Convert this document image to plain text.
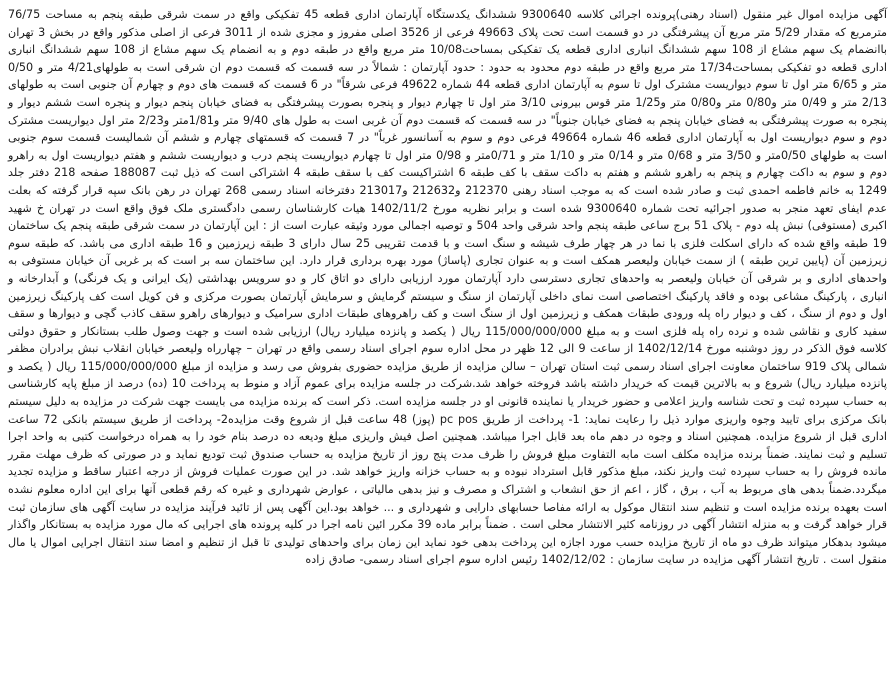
آگهی مزایده اموال غیر منقول (اسناد رهنی)پرونده اجرائی کلاسه 9300640 ششدانگ یکدستگاه آپارتمان اداری قطعه 45 تفکیکی واقع در سمت شرقی طبقه پنجم به مساحت 76/75 مترمربع که مقدار 5/29 متر مربع آن پیشرفتگی در دو قسمت است تحت پلاک 49663 فرعی از 3526 اصلی مفروز و مجزی شده از 3011 فرعی از اصلی مذکور واقع در بخش 3 تهران باانضمام یک سهم مشاع از 108 سهم ششدانگ انباری اداری قطعه یک تفکیکی بمساحت10/08 متر مربع واقع در طبقه دوم و به انضمام یک سهم مشاع از 108 سهم ششدانگ انباری اداری قطعه دو تفکیکی بمساحت17/34 متر مربع واقع در طبقه دوم محدود به حدود : حدود آپارتمان : شمالاً در سه قسمت که قسمت دوم ان شرقی است به طولهای4/21 متر و 0/50 متر و 6/65 متر اول تا سوم دیواریست مشترک اول تا سوم به آپارتمان اداری قطعه 44 شماره 49622 فرعی شرقاً" در 6 قسمت که قسمت های دوم و چهارم آن جنوبی است به طولهای 2/13 متر و 0/49 متر و0/80 متر و0/80 متر و1/25 متر قوس بیرونی 3/10 متر اول تا چهارم دیوار و پنجره بصورت پیشرفتگی به فضای خیابان پنجم دیوار و پنجره است ششم دیوار و پنجره به صورت پیشرفتگی به فضای خیابان پنجم به فضای خیابان جنوباً" در سه قسمت که قسمت دوم آن غربی است به طول های 9/40 متر و1/81متر و2/23 متر اول دیواریست مشترک دوم و سوم دیواریست اول به آپارتمان اداری قطعه 46 شماره 49664 فرعی دوم و سوم به آسانسور غرباً" در 7 قسمت که قسمتهای چهارم و ششم آن شمالیست قسمت سوم جنوبی است به طولهای 0/50متر و 3/50 متر و 0/68 متر و 0/14 متر و 1/10 متر و 0/71متر و 0/98 متر اول تا چهارم دیواریست پنجم درب و دیواریست ششم و هفتم دیواریست اول به راهرو دوم و سوم به داکت چهارم و پنجم به راهرو ششم و هفتم به داکت سقف با کف طبقه 6 اشتراکیست کف با سقف طبقه 4 اشتراکی است که ذیل ثبت 188087 صفحه 218 دفتر جلد 1249 به خانم فاطمه احمدی ثبت و صادر شده است که به موجب اسناد رهنی 212370 و212632 و213017 دفترخانه اسناد رسمی 268 تهران در رهن بانک سپه قرار گرفته که بعلت عدم ایفای تعهد منجر به صدور اجرائیه تحت شماره 9300640 شده است و برابر نظریه مورخ 1402/11/2 هیات کارشناسان رسمی دادگستری ملک فوق واقع است در تهران خ شهید اکبری (مستوفی) نبش پله دوم - پلاک 51 برج ساعی طبقه پنجم واحد شرقی واحد 504 و توصیه اجمالی مورد وثیقه عبارت است از : این آپارتمان در سمت شرقی طبقه پنجم یک ساختمان 19 طبقه واقع شده که دارای اسکلت فلزی با نما در هر چهار طرف شیشه و سنگ است و با قدمت تقریبی 25 سال دارای 3 طبقه زیرزمین و 16 طبقه اداری می باشد. که طبقه سوم زیرزمین آن (پایین ترین طبقه ) از سمت خیابان ولیعصر همکف است و به عنوان تجاری (پاساژ) مورد بهره برداری قرار دارد. این ساختمان سه بر است که بر غربی آن خیابان مستوفی به واحدهای اداری و بر شرقی آن خیابان ولیعصر به واحدهای تجاری دسترسی دارد آپارتمان مورد ارزیابی دارای دو اتاق کار و دو سرویس بهداشتی (یک ایرانی و یک فرنگی) و آبدارخانه و انباری ، پارکینگ مشاعی بوده و فاقد پارکینگ اختصاصی است نمای داخلی آپارتمان از سنگ و سیستم گرمایش و سرمایش آپارتمان بصورت مرکزی و فن کویل است کف پارکینگ زیرزمین اول و دوم از سنگ ، کف و دیوار راه پله ورودی طبقات همکف و زیرزمین اول از سنگ است و کف راهروهای طبقات اداری سرامیک و دیوارهای راهرو سقف کاذب گچی و دیوارها و سقف سفید کاری و نقاشی شده و نرده راه پله فلزی است و به مبلغ 115/000/000/000 ریال ( یکصد و پانزده میلیارد ریال) ارزیابی شده است و جهت وصول طلب بستانکار و حقوق دولتی کلاسه فوق الذکر در روز دوشنبه مورخ 1402/12/14 از ساعت 9 الی 12 ظهر در محل اداره سوم اجرای اسناد رسمی واقع در تهران – چهارراه ولیعصر خیابان انقلاب نبش برادران مظفر شمالی پلاک 919 ساختمان معاونت اجرای اسناد رسمی ثبت استان تهران – سالن مزایده از طریق مزایده حضوری بفروش می رسد و مزایده از مبلغ 115/000/000/000 ریال ( یکصد و پانزده میلیارد ریال) شروع و به بالاترین قیمت که خریدار داشته باشد فروخته خواهد شد.شرکت در جلسه مزایده برای عموم آزاد و منوط به پرداخت 10 (ده) درصد از مبلغ پایه کارشناسی به حساب سپرده ثبت و تحت شناسه واریز اعلامی و حضور خریدار یا نماینده قانونی او در جلسه مزایده است. ذکر است که برنده مزایده می بایست جهت شرکت در مزایده به دلیل سیستم بانک مرکزی برای تایید وجوه واریزی موارد ذیل را رعایت نماید: 1- پرداخت از طریق pc pos (پوز) 48 ساعت قبل از شروع وقت مزایده2- پرداخت از طریق سیستم بانکی 72 ساعت اداری قبل از شروع مزایده. همچنین اسناد و وجوه در دهم ماه بعد قابل اجرا میباشد. همچنین اصل فیش واریزی مبلغ ودیعه ده درصد بنام خود را به همراه درخواست کتبی به واحد اجرا تسلیم و ثبت نمایند. ضمناً برنده مزایده مکلف است مابه التفاوت مبلغ فروش را ظرف مدت پنج روز از تاریخ مزایده به حساب صندوق ثبت تودیع نماید و در صورتی که ظرف مهلت مقرر مانده فروش را به حساب سپرده ثبت واریز نکند، مبلغ مذکور قابل استرداد نبوده و به حساب خزانه واریز خواهد شد. در این صورت عملیات فروش از درجه اعتبار ساقط و مزایده تجدید میگردد.ضمناً بدهی های مربوط به آب ، برق ، گاز ، اعم از حق انشعاب و اشتراک و مصرف و نیز بدهی مالیاتی ، عوارض شهرداری و غیره که رقم قطعی آنها برای این اداره معلوم نشده است بعهده برنده مزایده است و تنظیم سند انتقال موکول به ارائه مفاصا حسابهای دارایی و شهرداری و ... خواهد بود.این آگهی پس از تائید فرآیند مزایده در سایت آگهی های سازمان ثبت قرار خواهد گرفت و به منزله انتشار آگهی در روزنامه کثیر الانتشار محلی است . ضمناً برابر ماده 39 مکرر ائین نامه اجرا در کلیه پرونده های اجرایی که مال مورد مزایده به بستانکار واگذار میشود بدهکار میتواند ظرف دو ماه از تاریخ مزایده حسب مورد اجازه این پرداخت بدهی خود نماید این زمان برای واحدهای تولیدی تا قبل از تنظیم و امضا سند انتقال اجرایی اموال یا مال منقول است . تاریخ انتشار آگهی مزایده در سایت سازمان : 1402/12/02 رئیس اداره سوم اجرای اسناد رسمی- صادق زاده
